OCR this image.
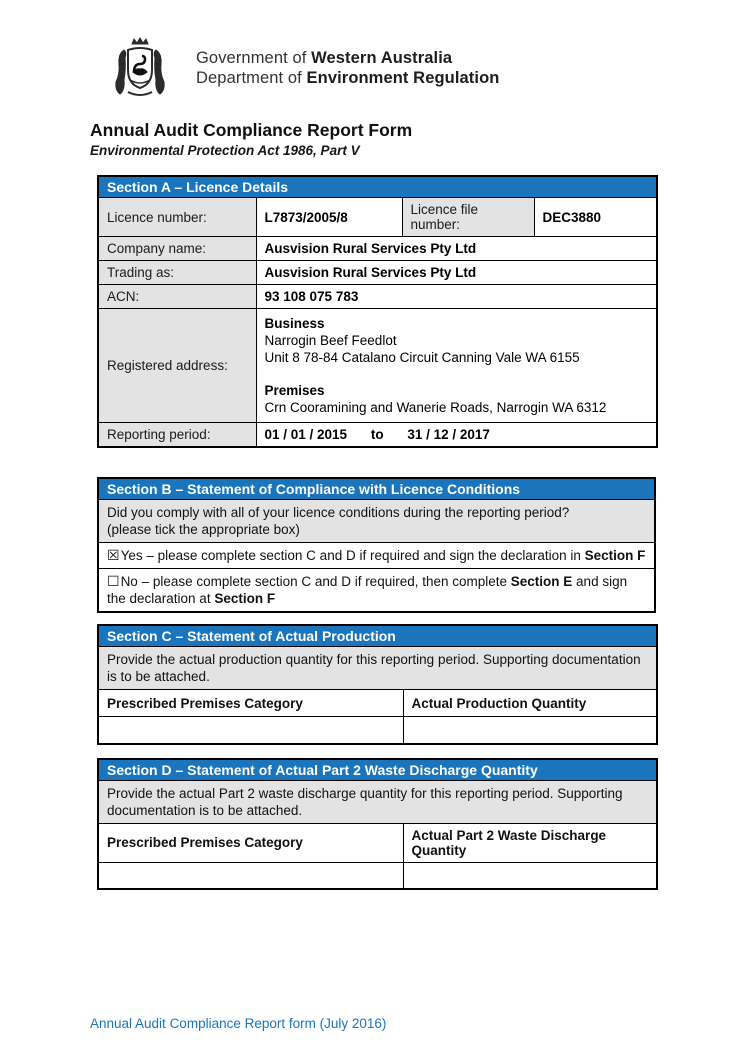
Government of Western Australia
Department of Environment Regulation
Annual Audit Compliance Report Form
Environmental Protection Act 1986, Part V
Section A – Licence Details			
Licence number:	L7873/2005/8	Licence file number:	DEC3880
Company name:	Ausvision Rural Services Pty Ltd		
Trading as:	Ausvision Rural Services Pty Ltd		
ACN:	93 108 075 783		
Registered address:	Business
Narrogin Beef Feedlot
Unit 8 78-84 Catalano Circuit Canning Vale WA 6155
Premises
Crn Cooramining and Wanerie Roads, Narrogin WA 6312		

Reporting period:	01 / 01 / 2015 to 31 / 12 / 2017		
Section B – Statement of Compliance with Licence Conditions

Did you comply with all of your licence conditions during the reporting period?
(please tick the appropriate box)

☒Yes – please complete section C and D if required and sign the declaration in Section F
☐No – please complete section C and D if required, then complete Section E and sign the declaration at Section F
Section C – Statement of Actual Production	
Provide the actual production quantity for this reporting period. Supporting documentation is to be attached.	
Prescribed Premises Category	Actual Production Quantity

Section D – Statement of Actual Part 2 Waste Discharge Quantity	
Provide the actual Part 2 waste discharge quantity for this reporting period. Supporting documentation is to be attached.	
Prescribed Premises Category	Actual Part 2 Waste Discharge Quantity

Annual Audit Compliance Report form (July 2016)
